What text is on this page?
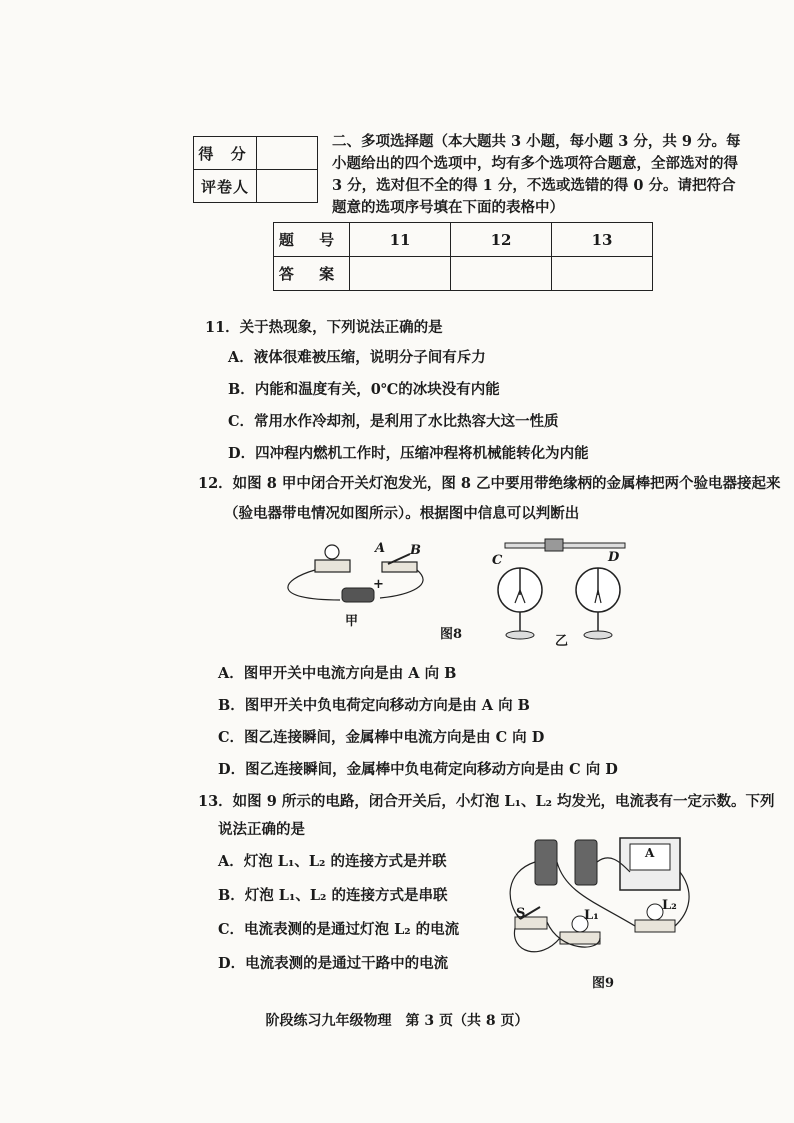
得 分	
评卷人	
二、多项选择题（本大题共 3 小题，每小题 3 分，共 9 分。每小题给出的四个选项中，均有多个选项符合题意，全部选对的得 3 分，选对但不全的得 1 分，不选或选错的得 0 分。请把符合题意的选项序号填在下面的表格中）
题 号	11	12	13
答 案			
11．关于热现象，下列说法正确的是
A．液体很难被压缩，说明分子间有斥力
B．内能和温度有关，0℃的冰块没有内能
C．常用水作冷却剂，是利用了水比热容大这一性质
D．四冲程内燃机工作时，压缩冲程将机械能转化为内能
12．如图 8 甲中闭合开关灯泡发光，图 8 乙中要用带绝缘柄的金属棒把两个验电器接起来
（验电器带电情况如图所示）。根据图中信息可以判断出
A B
+
甲
图8
C	D
乙
A．图甲开关中电流方向是由 A 向 B
B．图甲开关中负电荷定向移动方向是由 A 向 B
C．图乙连接瞬间，金属棒中电流方向是由 C 向 D
D．图乙连接瞬间，金属棒中负电荷定向移动方向是由 C 向 D
13．如图 9 所示的电路，闭合开关后，小灯泡 L₁、L₂ 均发光，电流表有一定示数。下列
说法正确的是
A．灯泡 L₁、L₂ 的连接方式是并联
B．灯泡 L₁、L₂ 的连接方式是串联
C．电流表测的是通过灯泡 L₂ 的电流
D．电流表测的是通过干路中的电流
S	L₁
L₂
A
图9
阶段练习九年级物理　第 3 页（共 8 页）
